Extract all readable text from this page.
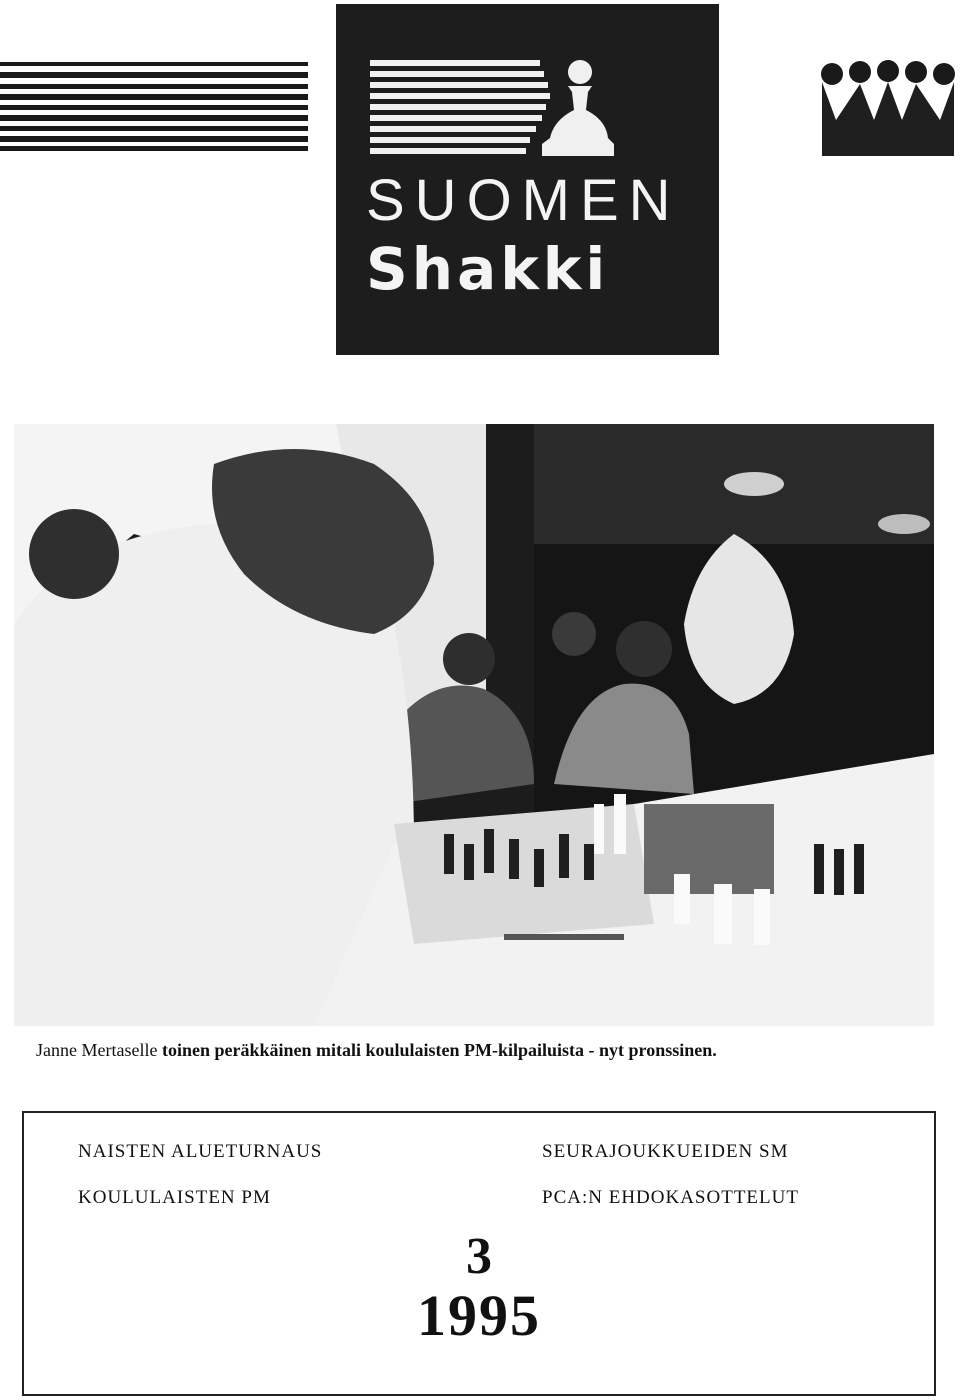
SUOMEN
Shakki
Janne Mertaselle toinen peräkkäinen mitali koululaisten PM-kilpailuista - nyt pronssinen.
NAISTEN ALUETURNAUS
KOULULAISTEN PM
SEURAJOUKKUEIDEN SM
PCA:N EHDOKASOTTELUT
3
1995
